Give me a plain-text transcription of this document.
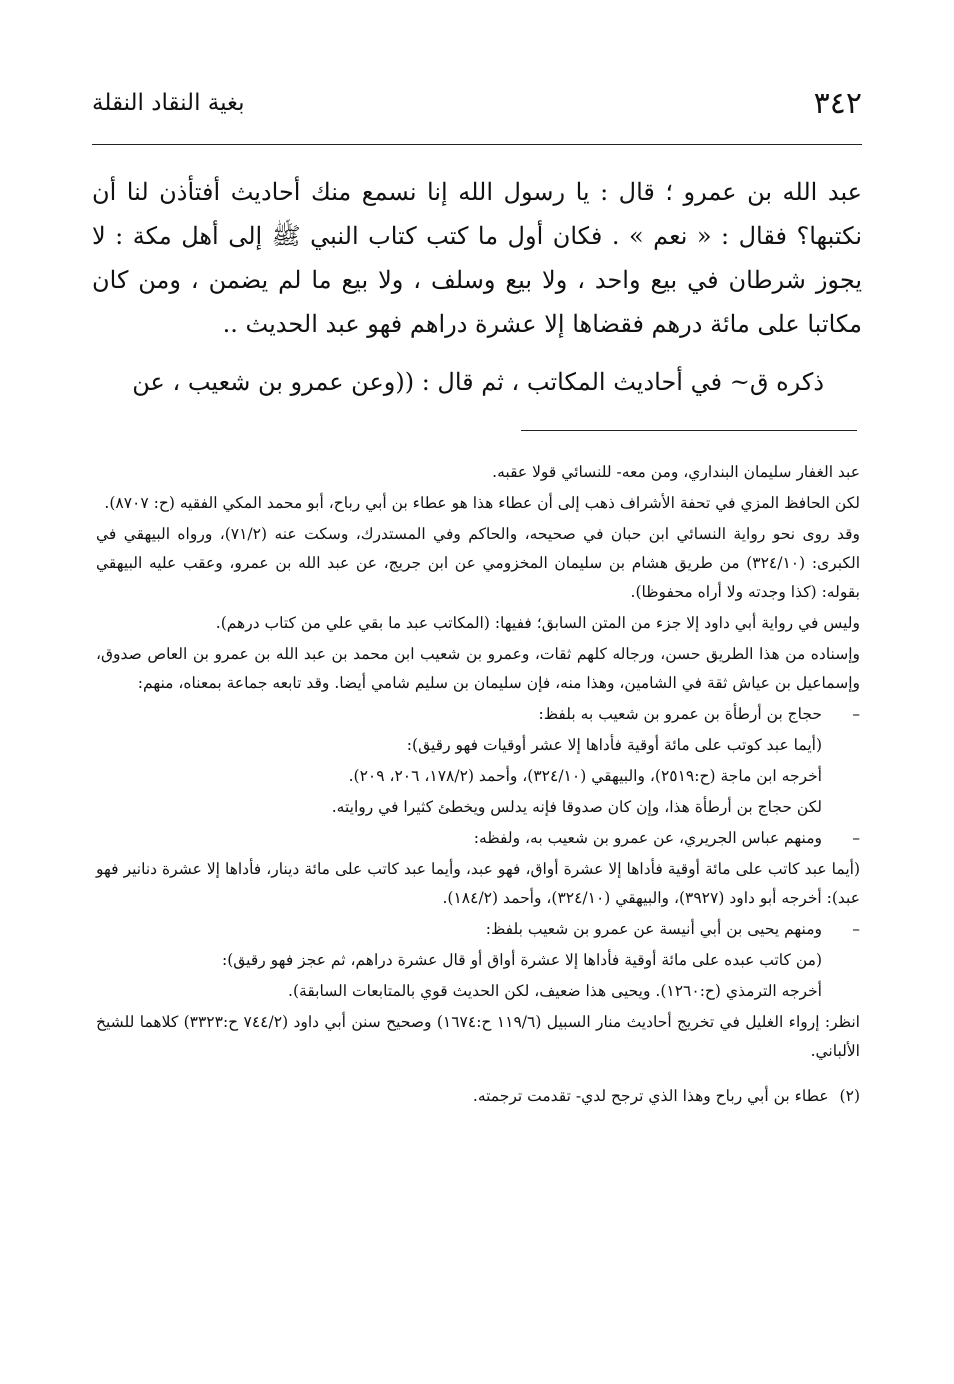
٣٤٢
بغية النقاد النقلة

عبد الله بن عمرو ؛ قال : يا رسول الله إنا نسمع منك أحاديث أفتأذن لنا أن نكتبها؟ فقال : « نعم » . فكان أول ما كتب كتاب النبي ﷺ إلى أهل مكة : لا يجوز شرطان في بيع واحد ، ولا بيع وسلف ، ولا بيع ما لم يضمن ، ومن كان مكاتبا على مائة درهم فقضاها إلا عشرة دراهم فهو عبد الحديث ..

ذكره ق~ في أحاديث المكاتب ، ثم قال : ((وعن عمرو بن شعيب ، عن

عبد الغفار سليمان البنداري، ومن معه- للنسائي قولا عقبه.

لكن الحافظ المزي في تحفة الأشراف ذهب إلى أن عطاء هذا هو عطاء بن أبي رباح، أبو محمد المكي الفقيه (ح: ٨٧٠٧).

وقد روى نحو رواية النسائي ابن حبان في صحيحه، والحاكم وفي المستدرك، وسكت عنه (٧١/٢)، ورواه البيهقي في الكبرى: (٣٢٤/١٠) من طريق هشام بن سليمان المخزومي عن ابن جريج، عن عبد الله بن عمرو، وعقب عليه البيهقي بقوله: (كذا وجدته ولا أراه محفوظا).

وليس في رواية أبي داود إلا جزء من المتن السابق؛ ففيها: (المكاتب عبد ما بقي علي من كتاب درهم).

وإسناده من هذا الطريق حسن، ورجاله كلهم ثقات، وعمرو بن شعيب ابن محمد بن عبد الله بن عمرو بن العاص صدوق، وإسماعيل بن عياش ثقة في الشامين، وهذا منه، فإن سليمان بن سليم شامي أيضا. وقد تابعه جماعة بمعناه، منهم:

– حجاج بن أرطأة بن عمرو بن شعيب به بلفظ:

(أيما عبد كوتب على مائة أوقية فأداها إلا عشر أوقيات فهو رقيق):

أخرجه ابن ماجة (ح:٢٥١٩)، والبيهقي (٣٢٤/١٠)، وأحمد (١٧٨/٢، ٢٠٦، ٢٠٩).

لكن حجاج بن أرطأة هذا، وإن كان صدوقا فإنه يدلس ويخطئ كثيرا في روايته.

– ومنهم عباس الجريري، عن عمرو بن شعيب به، ولفظه:

(أيما عبد كاتب على مائة أوقية فأداها إلا عشرة أواق، فهو عبد، وأيما عبد كاتب على مائة دينار، فأداها إلا عشرة دنانير فهو عبد): أخرجه أبو داود (٣٩٢٧)، والبيهقي (٣٢٤/١٠)، وأحمد (١٨٤/٢).

– ومنهم يحيى بن أبي أنيسة عن عمرو بن شعيب بلفظ:

(من كاتب عبده على مائة أوقية فأداها إلا عشرة أواق أو قال عشرة دراهم، ثم عجز فهو رقيق):

أخرجه الترمذي (ح:١٢٦٠). ويحيى هذا ضعيف، لكن الحديث قوي بالمتابعات السابقة).

انظر: إرواء الغليل في تخريج أحاديث منار السبيل (١١٩/٦ ح:١٦٧٤) وصحيح سنن أبي داود (٧٤٤/٢ ح:٣٣٢٣) كلاهما للشيخ الألباني.

(٢) عطاء بن أبي رباح وهذا الذي ترجح لدي- تقدمت ترجمته.
